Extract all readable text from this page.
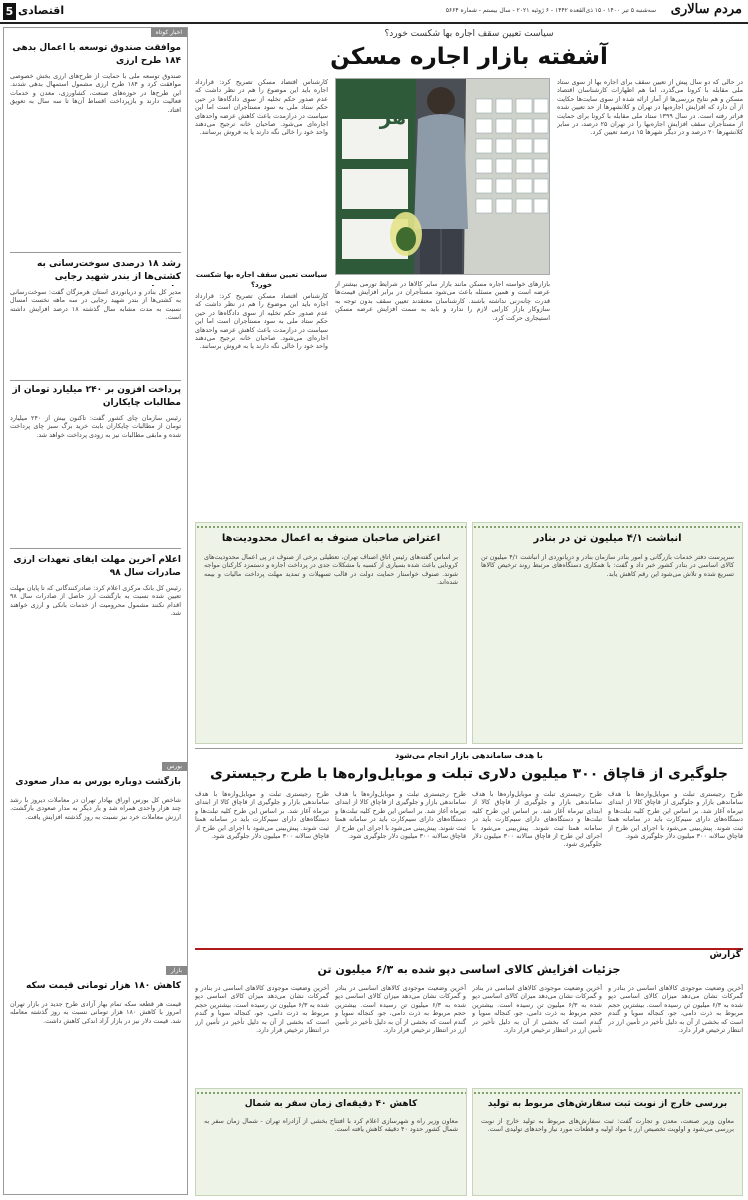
مردم سالاری
سه‌شنبه ۵ تیر ۱۴۰۰ - ۱۵ ذی‌القعده ۱۴۴۲ - ۶ ژوئیه ۲۰۲۱ - سال بیستم - شماره ۵۶۶۴
اقتصادی
5
اخبار کوتاه
موافقت صندوق توسعه با اعمال بدهی ۱۸۴ طرح ارزی
صندوق توسعه ملی با حمایت از طرح‌های ارزی بخش خصوصی موافقت کرد و ۱۸۴ طرح ارزی مشمول استمهال بدهی شدند. این طرح‌ها در حوزه‌های صنعت، کشاورزی، معدن و خدمات فعالیت دارند و بازپرداخت اقساط آن‌ها تا سه سال به تعویق افتاد.
رشد ۱۸ درصدی سوخت‌رسانی به کشتی‌ها از بندر شهید رجایی
مدیر کل بنادر و دریانوردی استان هرمزگان گفت: سوخت‌رسانی به کشتی‌ها از بندر شهید رجایی در سه ماهه نخست امسال نسبت به مدت مشابه سال گذشته ۱۸ درصد افزایش داشته است.
پرداخت افزون بر ۲۴۰ میلیارد تومان از مطالبات چایکاران
رئیس سازمان چای کشور گفت: تاکنون بیش از ۲۴۰ میلیارد تومان از مطالبات چایکاران بابت خرید برگ سبز چای پرداخت شده و مابقی مطالبات نیز به زودی پرداخت خواهد شد.
اعلام آخرین مهلت ایفای تعهدات ارزی صادرات سال ۹۸
رئیس کل بانک مرکزی اعلام کرد: صادرکنندگانی که تا پایان مهلت تعیین شده نسبت به بازگشت ارز حاصل از صادرات سال ۹۸ اقدام نکنند مشمول محرومیت از خدمات بانکی و ارزی خواهند شد.
بورس
بازگشت دوباره بورس به مدار صعودی
شاخص کل بورس اوراق بهادار تهران در معاملات دیروز با رشد چند هزار واحدی همراه شد و بار دیگر به مدار صعودی بازگشت. ارزش معاملات خرد نیز نسبت به روز گذشته افزایش یافت.
بازار
کاهش ۱۸۰ هزار تومانی قیمت سکه
قیمت هر قطعه سکه تمام بهار آزادی طرح جدید در بازار تهران امروز با کاهش ۱۸۰ هزار تومانی نسبت به روز گذشته معامله شد. قیمت دلار نیز در بازار آزاد اندکی کاهش داشت.
سیاست تعیین سقف اجاره بها شکست خورد؟
آشفته بازار اجاره مسکن
فروش هر
در حالی که دو سال پیش از تعیین سقف برای اجاره بها از سوی ستاد ملی مقابله با کرونا می‌گذرد، اما هم اظهارات کارشناسان اقتصاد مسکن و هم نتایج بررسی‌ها از آمار ارائه شده از سوی سایت‌ها حکایت از آن دارد که افزایش اجاره‌بها در تهران و کلانشهرها از حد تعیین شده فراتر رفته است. در سال ۱۳۹۹ ستاد ملی مقابله با کرونا برای حمایت از مستأجران سقف افزایش اجاره‌بها را در تهران ۲۵ درصد، در سایر کلانشهرها ۲۰ درصد و در دیگر شهرها ۱۵ درصد تعیین کرد.
بازارهای خواسته اجاره مسکن مانند بازار سایر کالاها در شرایط تورمی بیشتر از عرضه است و همین مسئله باعث می‌شود مستأجران در برابر افزایش قیمت‌ها قدرت چانه‌زنی نداشته باشند. کارشناسان معتقدند تعیین سقف بدون توجه به سازوکار بازار کارایی لازم را ندارد و باید به سمت افزایش عرضه مسکن استیجاری حرکت کرد.
کارشناس اقتصاد مسکن تصریح کرد: قرارداد اجاره باید این موضوع را هم در نظر داشت که عدم صدور حکم تخلیه از سوی دادگاه‌ها در حین حکم ستاد ملی به سود مستأجران است اما این سیاست در درازمدت باعث کاهش عرضه واحدهای اجاره‌ای می‌شود. صاحبان خانه ترجیح می‌دهند واحد خود را خالی نگه دارند یا به فروش برسانند.
سیاست تعیین سقف اجاره بها شکست خورد؟
کارشناس اقتصاد مسکن تصریح کرد: قرارداد اجاره باید این موضوع را هم در نظر داشت که عدم صدور حکم تخلیه از سوی دادگاه‌ها در حین حکم ستاد ملی به سود مستأجران است اما این سیاست در درازمدت باعث کاهش عرضه واحدهای اجاره‌ای می‌شود. صاحبان خانه ترجیح می‌دهند واحد خود را خالی نگه دارند یا به فروش برسانند.
انباشت ۴/۱ میلیون تن در بنادر
سرپرست دفتر خدمات بازرگانی و امور بنادر سازمان بنادر و دریانوردی از انباشت ۴/۱ میلیون تن کالای اساسی در بنادر کشور خبر داد و گفت: با همکاری دستگاه‌های مرتبط روند ترخیص کالاها تسریع شده و تلاش می‌شود این رقم کاهش یابد.
اعتراض صاحبان صنوف به اعمال محدودیت‌ها
بر اساس گفته‌های رئیس اتاق اصناف تهران، تعطیلی برخی از صنوف در پی اعمال محدودیت‌های کرونایی باعث شده بسیاری از کسبه با مشکلات جدی در پرداخت اجاره و دستمزد کارکنان مواجه شوند. صنوف خواستار حمایت دولت در قالب تسهیلات و تمدید مهلت پرداخت مالیات و بیمه شده‌اند.
با هدف ساماندهی بازار انجام می‌شود
جلوگیری از قاچاق ۳۰۰ میلیون دلاری تبلت و موبایل‌واره‌ها با طرح رجیستری
طرح رجیستری تبلت و موبایل‌واره‌ها با هدف ساماندهی بازار و جلوگیری از قاچاق کالا از ابتدای تیرماه آغاز شد. بر اساس این طرح کلیه تبلت‌ها و دستگاه‌های دارای سیم‌کارت باید در سامانه همتا ثبت شوند. پیش‌بینی می‌شود با اجرای این طرح از قاچاق سالانه ۳۰۰ میلیون دلار جلوگیری شود.
طرح رجیستری تبلت و موبایل‌واره‌ها با هدف ساماندهی بازار و جلوگیری از قاچاق کالا از ابتدای تیرماه آغاز شد. بر اساس این طرح کلیه تبلت‌ها و دستگاه‌های دارای سیم‌کارت باید در سامانه همتا ثبت شوند. پیش‌بینی می‌شود با اجرای این طرح از قاچاق سالانه ۳۰۰ میلیون دلار جلوگیری شود.
طرح رجیستری تبلت و موبایل‌واره‌ها با هدف ساماندهی بازار و جلوگیری از قاچاق کالا از ابتدای تیرماه آغاز شد. بر اساس این طرح کلیه تبلت‌ها و دستگاه‌های دارای سیم‌کارت باید در سامانه همتا ثبت شوند. پیش‌بینی می‌شود با اجرای این طرح از قاچاق سالانه ۳۰۰ میلیون دلار جلوگیری شود.
طرح رجیستری تبلت و موبایل‌واره‌ها با هدف ساماندهی بازار و جلوگیری از قاچاق کالا از ابتدای تیرماه آغاز شد. بر اساس این طرح کلیه تبلت‌ها و دستگاه‌های دارای سیم‌کارت باید در سامانه همتا ثبت شوند. پیش‌بینی می‌شود با اجرای این طرح از قاچاق سالانه ۳۰۰ میلیون دلار جلوگیری شود.
گزارش
جزئیات افزایش کالای اساسی دپو شده به ۶/۳ میلیون تن
آخرین وضعیت موجودی کالاهای اساسی در بنادر و گمرکات نشان می‌دهد میزان کالای اساسی دپو شده به ۶/۳ میلیون تن رسیده است. بیشترین حجم مربوط به ذرت دامی، جو، کنجاله سویا و گندم است که بخشی از آن به دلیل تأخیر در تأمین ارز در انتظار ترخیص قرار دارد.
آخرین وضعیت موجودی کالاهای اساسی در بنادر و گمرکات نشان می‌دهد میزان کالای اساسی دپو شده به ۶/۳ میلیون تن رسیده است. بیشترین حجم مربوط به ذرت دامی، جو، کنجاله سویا و گندم است که بخشی از آن به دلیل تأخیر در تأمین ارز در انتظار ترخیص قرار دارد.
آخرین وضعیت موجودی کالاهای اساسی در بنادر و گمرکات نشان می‌دهد میزان کالای اساسی دپو شده به ۶/۳ میلیون تن رسیده است. بیشترین حجم مربوط به ذرت دامی، جو، کنجاله سویا و گندم است که بخشی از آن به دلیل تأخیر در تأمین ارز در انتظار ترخیص قرار دارد.
آخرین وضعیت موجودی کالاهای اساسی در بنادر و گمرکات نشان می‌دهد میزان کالای اساسی دپو شده به ۶/۳ میلیون تن رسیده است. بیشترین حجم مربوط به ذرت دامی، جو، کنجاله سویا و گندم است که بخشی از آن به دلیل تأخیر در تأمین ارز در انتظار ترخیص قرار دارد.
بررسی خارج از نوبت ثبت سفارش‌های مربوط به تولید
معاون وزیر صنعت، معدن و تجارت گفت: ثبت سفارش‌های مربوط به تولید خارج از نوبت بررسی می‌شود و اولویت تخصیص ارز با مواد اولیه و قطعات مورد نیاز واحدهای تولیدی است.
کاهش ۴۰ دقیقه‌ای زمان سفر به شمال
معاون وزیر راه و شهرسازی اعلام کرد با افتتاح بخشی از آزادراه تهران - شمال زمان سفر به شمال کشور حدود ۴۰ دقیقه کاهش یافته است.
